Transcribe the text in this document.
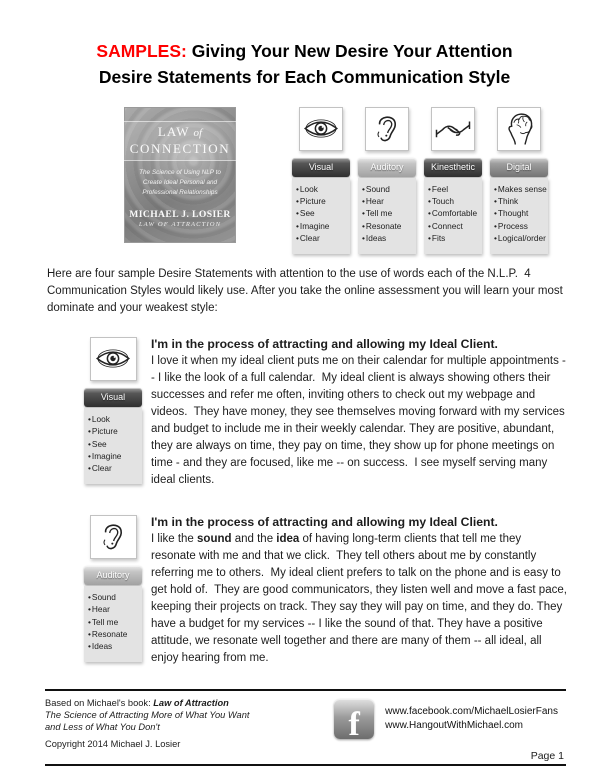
SAMPLES: Giving Your New Desire Your Attention
Desire Statements for Each Communication Style
LAW of
CONNECTION
The Science of Using NLP to Create Ideal Personal and Professional Relationships
MICHAEL J. LOSIER
LAW OF ATTRACTION
Visual
• Look
• Picture
• See
• Imagine
• Clear
Auditory
• Sound
• Hear
• Tell me
• Resonate
• Ideas
Kinesthetic
• Feel
• Touch
• Comfortable
• Connect
• Fits
Digital
• Makes sense
• Think
• Thought
• Process
• Logical/order

Here are four sample Desire Statements with attention to the use of words each of the N.L.P.  4 Communication Styles would likely use. After you take the online assessment you will learn your most dominate and your weakest style:

Visual
• Look
• Picture
• See
• Imagine
• Clear

I'm in the process of attracting and allowing my Ideal Client.

I love it when my ideal client puts me on their calendar for multiple appointments -- I like the look of a full calendar.  My ideal client is always showing others their successes and refer me often, inviting others to check out my webpage and videos.  They have money, they see themselves moving forward with my services and budget to include me in their weekly calendar. They are positive, abundant, they are always on time, they pay on time, they show up for phone meetings on time - and they are focused, like me -- on success.  I see myself serving many ideal clients.

Auditory
• Sound
• Hear
• Tell me
• Resonate
• Ideas

I'm in the process of attracting and allowing my Ideal Client.

I like the sound and the idea of having long-term clients that tell me they resonate with me and that we click.  They tell others about me by constantly referring me to others.  My ideal client prefers to talk on the phone and is easy to get hold of.  They are good communicators, they listen well and move a fast pace, keeping their projects on track. They say they will pay on time, and they do. They have a budget for my services -- I like the sound of that. They have a positive attitude, we resonate well together and there are many of them -- all ideal, all enjoy hearing from me.

Based on Michael's book: Law of Attraction
The Science of Attracting More of What You Want
and Less of What You Don't
Copyright 2014 Michael J. Losier
f	www.facebook.com/MichaelLosierFans
www.HangoutWithMichael.com
Page 1
